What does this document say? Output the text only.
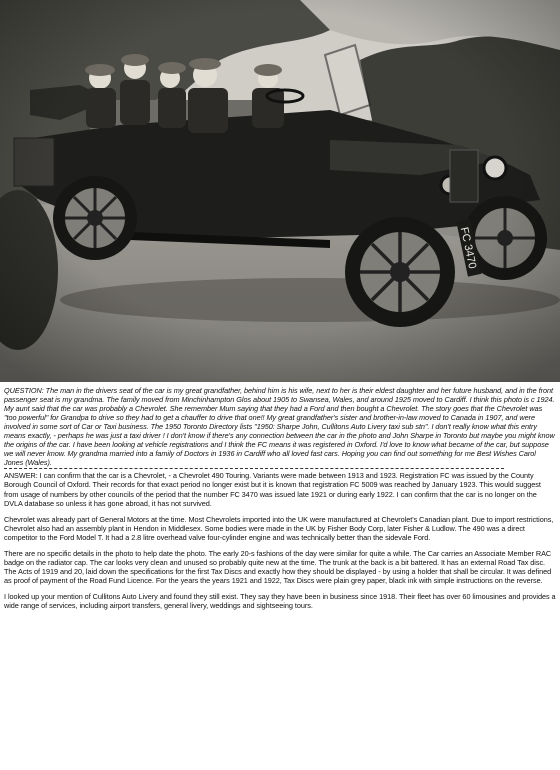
QUESTION: The man in the drivers seat of the car is my great grandfather, behind him is his wife, next to her is their eldest daughter and her future husband, and in the front passenger seat is my grandma. The family moved from Minchinhampton Glos about 1905 to Swansea, Wales, and around 1925 moved to Cardiff. I think this photo is c 1924. My aunt said that the car was probably a Chevrolet. She remember Mum saying that they had a Ford and then bought a Chevrolet. The story goes that the Chevrolet was "too powerful" for Grandpa to drive so they had to get a chauffer to drive that one!! My great grandfather's sister and brother-in-law moved to Canada in 1907, and were involved in some sort of Car or Taxi business. The 1950 Toronto Directory lists "1950: Sharpe John, Cullitons Auto Livery taxi sub stn". I don't really know what this entry means exactly, - perhaps he was just a taxi driver ! I don't know if there's any connection between the car in the photo and John Sharpe in Toronto but maybe you might know the origins of the car. I have been looking at vehicle registrations and I think the FC means it was registered in Oxford. I'd love to know what became of the car, but suppose we will never know. My grandma married into a family of Doctors in 1936 in Cardiff who all loved fast cars. Hoping you can find out something for me Best Wishes Carol Jones (Wales).

ANSWER: I can confirm that the car is a Chevrolet, - a Chevrolet 490 Touring. Variants were made between 1913 and 1923. Registration FC was issued by the County Borough Council of Oxford. Their records for that exact period no longer exist but it is known that registration FC 5009 was reached by January 1923. This would suggest from usage of numbers by other councils of the period that the number FC 3470 was issued late 1921 or during early 1922. I can confirm that the car is no longer on the DVLA database so unless it has gone abroad, it has not survived.

Chevrolet was already part of General Motors at the time. Most Chevrolets imported into the UK were manufactured at Chevrolet's Canadian plant. Due to import restrictions, Chevrolet also had an assembly plant in Hendon in Middlesex. Some bodies were made in the UK by Fisher Body Corp, later Fisher & Ludlow. The 490 was a direct competitor to the Ford Model T. It had a 2.8 litre overhead valve four-cylinder engine and was technically better than the sidevale Ford.

There are no specific details in the photo to help date the photo. The early 20-s fashions of the day were similar for quite a while. The Car carries an Associate Member RAC badge on the radiator cap. The car looks very clean and unused so probably quite new at the time. The trunk at the back is a bit battered. It has an external Road Tax disc. The Acts of 1919 and 20, laid down the specifications for the first Tax Discs and exactly how they should be displayed - by using a holder that shall be circular. It was defined as proof of payment of the Road Fund Licence. For the years the years 1921 and 1922, Tax Discs were plain grey paper, black ink with simple instructions on the reverse.

I looked up your mention of Cullitons Auto Livery and found they still exist. They say they have been in business since 1918. Their fleet has over 60 limousines and provides a wide range of services, including airport transfers, general livery, weddings and sightseeing tours.
